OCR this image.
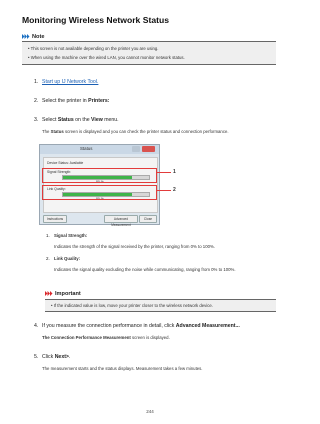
Monitoring Wireless Network Status
Note
• This screen is not available depending on the printer you are using.
• When using the machine over the wired LAN, you cannot monitor network status.
1. Start up IJ Network Tool.
2. Select the printer in Printers:
3. Select Status on the View menu.
The Status screen is displayed and you can check the printer status and connection performance.
Status
Device Status: Available
Signal Strength:
80 %
Link Quality:
80 %
Instructions	Advanced Measurement
Close
1
2
1. Signal Strength:
Indicates the strength of the signal received by the printer, ranging from 0% to 100%.
2. Link Quality:
Indicates the signal quality excluding the noise while communicating, ranging from 0% to 100%.
Important
• If the indicated value is low, move your printer closer to the wireless network device.
4. If you measure the connection performance in detail, click Advanced Measurement...
The Connection Performance Measurement screen is displayed.
5. Click Next>.
The measurement starts and the status displays. Measurement takes a few minutes.
244
